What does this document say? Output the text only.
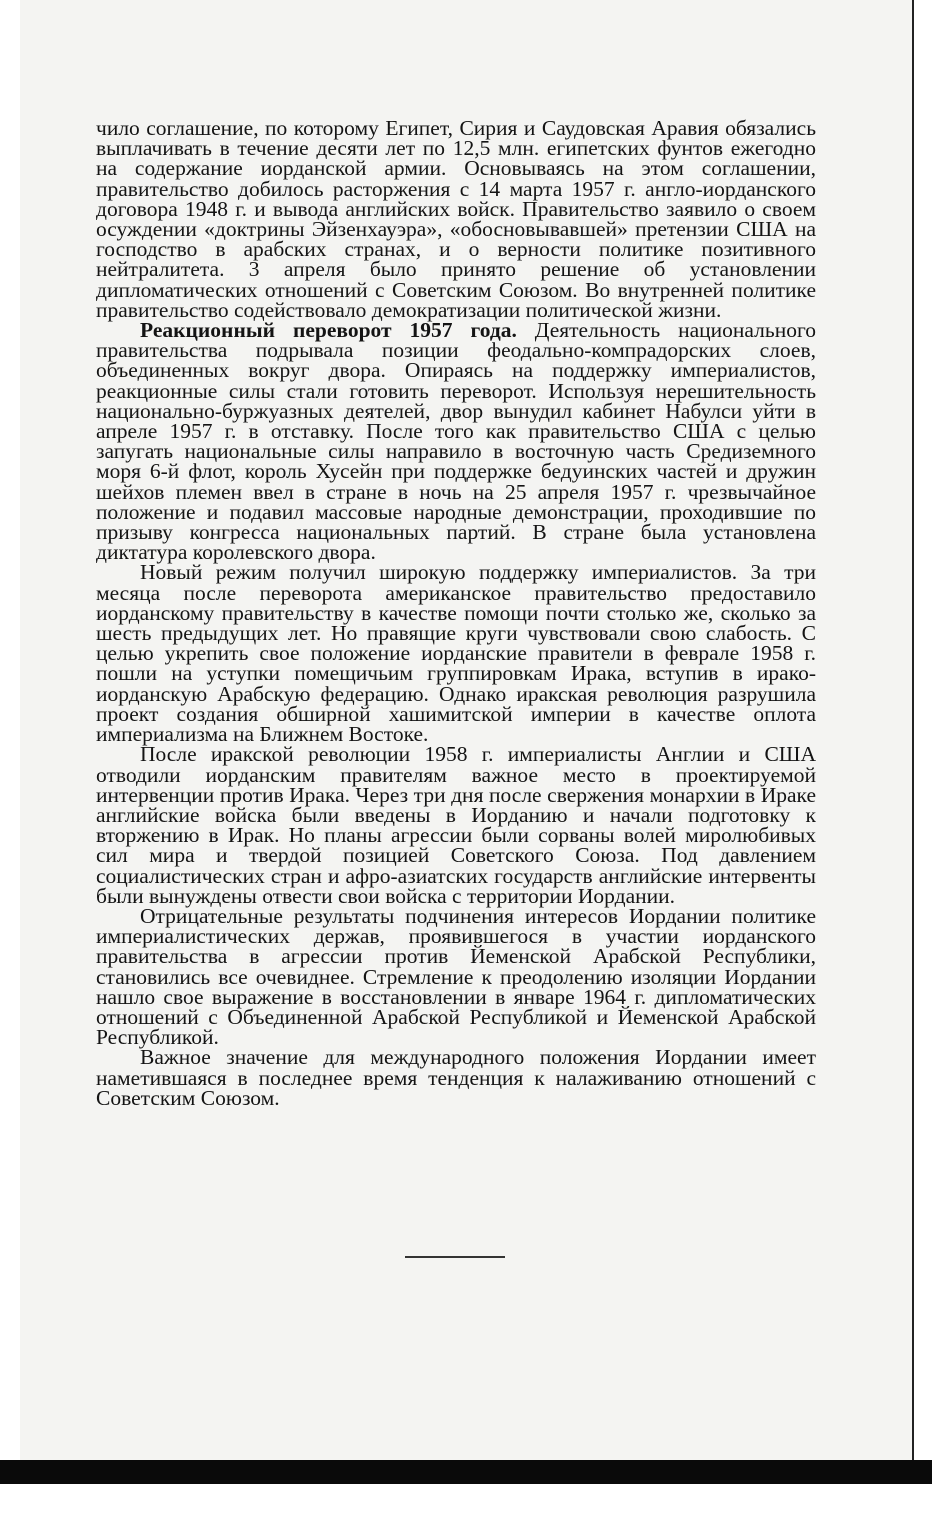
чило соглашение, по которому Египет, Сирия и Саудовская Аравия обязались выплачивать в течение десяти лет по 12,5 млн. египетских фунтов ежегодно на содержание иорданской армии. Основываясь на этом соглашении, правительство добилось расторжения с 14 марта 1957 г. англо-иорданского договора 1948 г. и вывода английских войск. Правительство заявило о своем осуждении «доктрины Эйзенхауэра», «обосновывавшей» претензии США на господство в арабских странах, и о верности политике позитивного нейтралитета. 3 апреля было принято решение об установлении дипломатических отношений с Советским Союзом. Во внутренней политике правительство содействовало демократизации политической жизни.

Реакционный переворот 1957 года. Деятельность национального правительства подрывала позиции феодально-компрадорских слоев, объединенных вокруг двора. Опираясь на поддержку империалистов, реакционные силы стали готовить переворот. Используя нерешительность национально-буржуазных деятелей, двор вынудил кабинет Набулси уйти в апреле 1957 г. в отставку. После того как правительство США с целью запугать национальные силы направило в восточную часть Средиземного моря 6-й флот, король Хусейн при поддержке бедуинских частей и дружин шейхов племен ввел в стране в ночь на 25 апреля 1957 г. чрезвычайное положение и подавил массовые народные демонстрации, проходившие по призыву конгресса национальных партий. В стране была установлена диктатура королевского двора.

Новый режим получил широкую поддержку империалистов. За три месяца после переворота американское правительство предоставило иорданскому правительству в качестве помощи почти столько же, сколько за шесть предыдущих лет. Но правящие круги чувствовали свою слабость. С целью укрепить свое положение иорданские правители в феврале 1958 г. пошли на уступки помещичьим группировкам Ирака, вступив в ирако-иорданскую Арабскую федерацию. Однако иракская революция разрушила проект создания обширной хашимитской империи в качестве оплота империализма на Ближнем Востоке.

После иракской революции 1958 г. империалисты Англии и США отводили иорданским правителям важное место в проектируемой интервенции против Ирака. Через три дня после свержения монархии в Ираке английские войска были введены в Иорданию и начали подготовку к вторжению в Ирак. Но планы агрессии были сорваны волей миролюбивых сил мира и твердой позицией Советского Союза. Под давлением социалистических стран и афро-азиатских государств английские интервенты были вынуждены отвести свои войска с территории Иордании.

Отрицательные результаты подчинения интересов Иордании политике империалистических держав, проявившегося в участии иорданского правительства в агрессии против Йеменской Арабской Республики, становились все очевиднее. Стремление к преодолению изоляции Иордании нашло свое выражение в восстановлении в январе 1964 г. дипломатических отношений с Объединенной Арабской Республикой и Йеменской Арабской Республикой.

Важное значение для международного положения Иордании имеет наметившаяся в последнее время тенденция к налаживанию отношений с Советским Союзом.
